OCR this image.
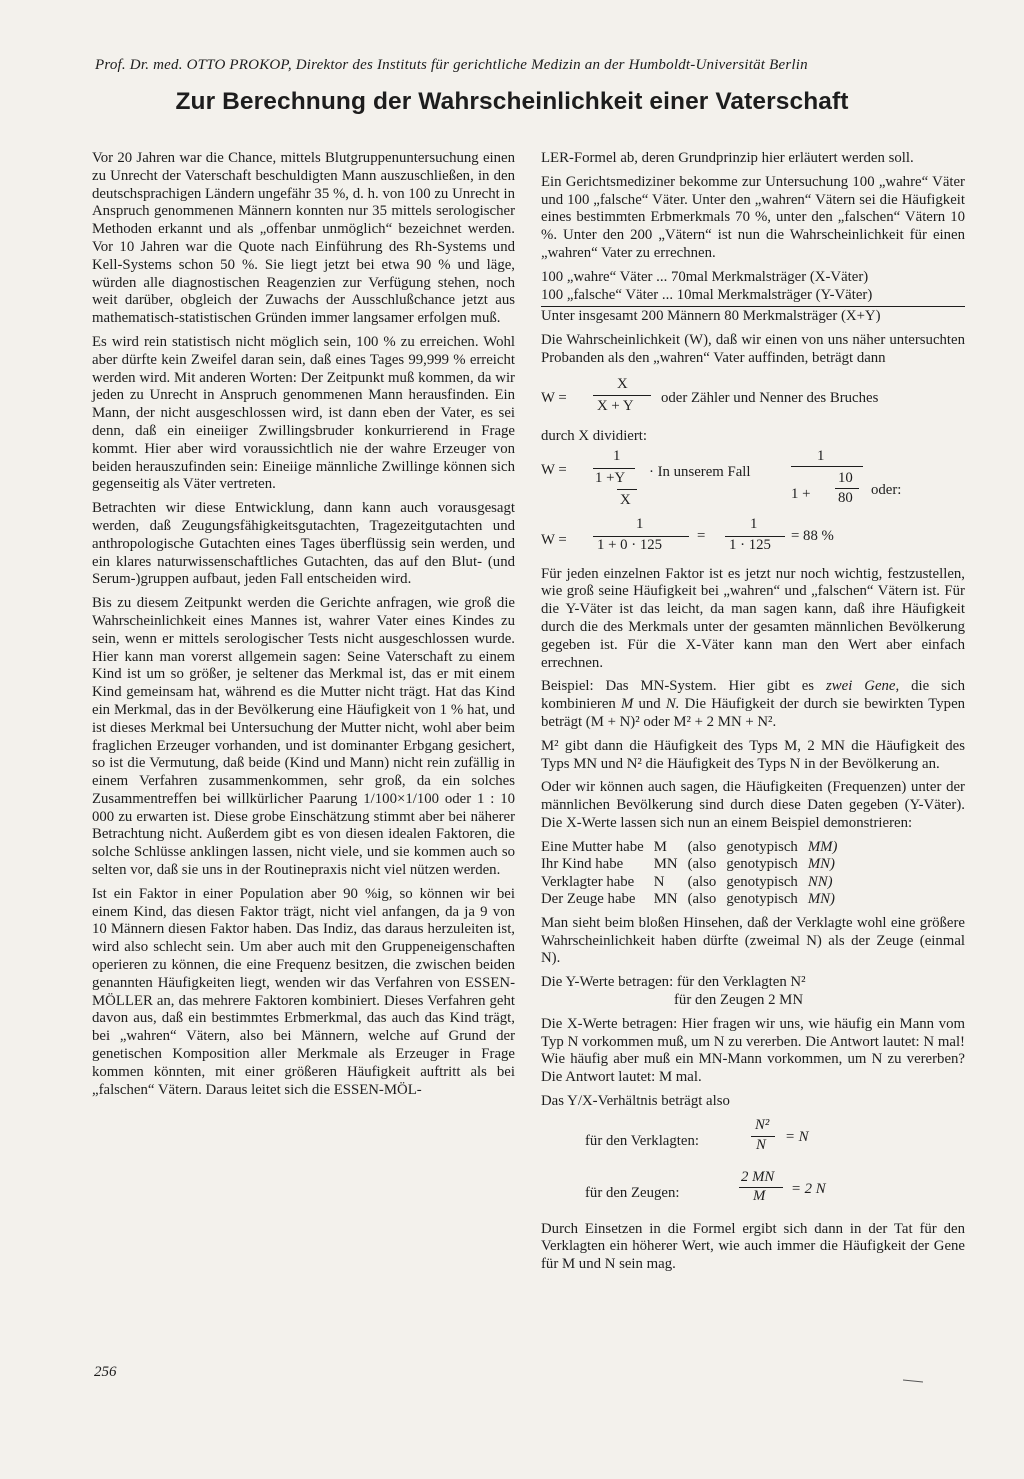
Prof. Dr. med. OTTO PROKOP, Direktor des Instituts für gerichtliche Medizin an der Humboldt-Universität Berlin
Zur Berechnung der Wahrscheinlichkeit einer Vaterschaft

Vor 20 Jahren war die Chance, mittels Blutgruppenuntersuchung einen zu Unrecht der Vaterschaft beschuldigten Mann auszuschließen, in den deutschsprachigen Ländern ungefähr 35 %, d. h. von 100 zu Unrecht in Anspruch genommenen Männern konnten nur 35 mittels serologischer Methoden erkannt und als „offenbar unmöglich“ bezeichnet werden. Vor 10 Jahren war die Quote nach Einführung des Rh-Systems und Kell-Systems schon 50 %. Sie liegt jetzt bei etwa 90 % und läge, würden alle diagnostischen Reagenzien zur Verfügung stehen, noch weit darüber, obgleich der Zuwachs der Ausschlußchance jetzt aus mathematisch-statistischen Gründen immer langsamer erfolgen muß.

Es wird rein statistisch nicht möglich sein, 100 % zu erreichen. Wohl aber dürfte kein Zweifel daran sein, daß eines Tages 99,999 % erreicht werden wird. Mit anderen Worten: Der Zeitpunkt muß kommen, da wir jeden zu Unrecht in Anspruch genommenen Mann herausfinden. Ein Mann, der nicht ausgeschlossen wird, ist dann eben der Vater, es sei denn, daß ein eineiiger Zwillingsbruder konkurrierend in Frage kommt. Hier aber wird voraussichtlich nie der wahre Erzeuger von beiden herauszufinden sein: Eineiige männliche Zwillinge können sich gegenseitig als Väter vertreten.

Betrachten wir diese Entwicklung, dann kann auch vorausgesagt werden, daß Zeugungsfähigkeitsgutachten, Tragezeitgutachten und anthropologische Gutachten eines Tages überflüssig sein werden, und ein klares naturwissenschaftliches Gutachten, das auf den Blut- (und Serum-)gruppen aufbaut, jeden Fall entscheiden wird.

Bis zu diesem Zeitpunkt werden die Gerichte anfragen, wie groß die Wahrscheinlichkeit eines Mannes ist, wahrer Vater eines Kindes zu sein, wenn er mittels serologischer Tests nicht ausgeschlossen wurde. Hier kann man vorerst allgemein sagen: Seine Vaterschaft zu einem Kind ist um so größer, je seltener das Merkmal ist, das er mit einem Kind gemeinsam hat, während es die Mutter nicht trägt. Hat das Kind ein Merkmal, das in der Bevölkerung eine Häufigkeit von 1 % hat, und ist dieses Merkmal bei Untersuchung der Mutter nicht, wohl aber beim fraglichen Erzeuger vorhanden, und ist dominanter Erbgang gesichert, so ist die Vermutung, daß beide (Kind und Mann) nicht rein zufällig in einem Verfahren zusammenkommen, sehr groß, da ein solches Zusammentreffen bei willkürlicher Paarung 1/100×1/100 oder 1 : 10 000 zu erwarten ist. Diese grobe Einschätzung stimmt aber bei näherer Betrachtung nicht. Außerdem gibt es von diesen idealen Faktoren, die solche Schlüsse anklingen lassen, nicht viele, und sie kommen auch so selten vor, daß sie uns in der Routinepraxis nicht viel nützen werden.

Ist ein Faktor in einer Population aber 90 %ig, so können wir bei einem Kind, das diesen Faktor trägt, nicht viel anfangen, da ja 9 von 10 Männern diesen Faktor haben. Das Indiz, das daraus herzuleiten ist, wird also schlecht sein. Um aber auch mit den Gruppeneigenschaften operieren zu können, die eine Frequenz besitzen, die zwischen beiden genannten Häufigkeiten liegt, wenden wir das Verfahren von ESSEN-MÖLLER an, das mehrere Faktoren kombiniert. Dieses Verfahren geht davon aus, daß ein bestimmtes Erbmerkmal, das auch das Kind trägt, bei „wahren“ Vätern, also bei Männern, welche auf Grund der genetischen Komposition aller Merkmale als Erzeuger in Frage kommen könnten, mit einer größeren Häufigkeit auftritt als bei „falschen“ Vätern. Daraus leitet sich die ESSEN-MÖL-

LER-Formel ab, deren Grundprinzip hier erläutert werden soll.

Ein Gerichtsmediziner bekomme zur Untersuchung 100 „wahre“ Väter und 100 „falsche“ Väter. Unter den „wahren“ Vätern sei die Häufigkeit eines bestimmten Erbmerkmals 70 %, unter den „falschen“ Vätern 10 %. Unter den 200 „Vätern“ ist nun die Wahrscheinlichkeit für einen „wahren“ Vater zu errechnen.

100 „wahre“ Väter ... 70mal Merkmalsträger (X-Väter)
100 „falsche“ Väter ... 10mal Merkmalsträger (Y-Väter)
Unter insgesamt 200 Männern 80 Merkmalsträger (X+Y)

Die Wahrscheinlichkeit (W), daß wir einen von uns näher untersuchten Probanden als den „wahren“ Vater auffinden, beträgt dann

W =
X
X + Y oder Zähler und Nenner des Bruches

durch X dividiert:

W =
1
1 +Y
X
· In unserem Fall
1
1 +
10
80 oder:
W =
1
1 + 0 · 125
=
1
1 · 125
= 88 %

Für jeden einzelnen Faktor ist es jetzt nur noch wichtig, festzustellen, wie groß seine Häufigkeit bei „wahren“ und „falschen“ Vätern ist. Für die Y-Väter ist das leicht, da man sagen kann, daß ihre Häufigkeit durch die des Merkmals unter der gesamten männlichen Bevölkerung gegeben ist. Für die X-Väter kann man den Wert aber einfach errechnen.

Beispiel: Das MN-System. Hier gibt es zwei Gene, die sich kombinieren M und N. Die Häufigkeit der durch sie bewirkten Typen beträgt (M + N)² oder M² + 2 MN + N².

M² gibt dann die Häufigkeit des Typs M, 2 MN die Häufigkeit des Typs MN und N² die Häufigkeit des Typs N in der Bevölkerung an.

Oder wir können auch sagen, die Häufigkeiten (Frequenzen) unter der männlichen Bevölkerung sind durch diese Daten gegeben (Y-Väter). Die X-Werte lassen sich nun an einem Beispiel demonstrieren:

Eine Mutter habe	M	(also	genotypisch	MM)
Ihr Kind habe	MN	(also	genotypisch	MN)
Verklagter habe	N	(also	genotypisch	NN)
Der Zeuge habe	MN	(also	genotypisch	MN)

Man sieht beim bloßen Hinsehen, daß der Verklagte wohl eine größere Wahrscheinlichkeit haben dürfte (zweimal N) als der Zeuge (einmal N).

Die Y-Werte betragen: für den Verklagten N²
für den Zeugen 2 MN

Die X-Werte betragen: Hier fragen wir uns, wie häufig ein Mann vom Typ N vorkommen muß, um N zu vererben. Die Antwort lautet: N mal! Wie häufig aber muß ein MN-Mann vorkommen, um N zu vererben? Die Antwort lautet: M mal.

Das Y/X-Verhältnis beträgt also

für den Verklagten:
N²
N = N
für den Zeugen:
2 MN
M = 2 N

Durch Einsetzen in die Formel ergibt sich dann in der Tat für den Verklagten ein höherer Wert, wie auch immer die Häufigkeit der Gene für M und N sein mag.

256
